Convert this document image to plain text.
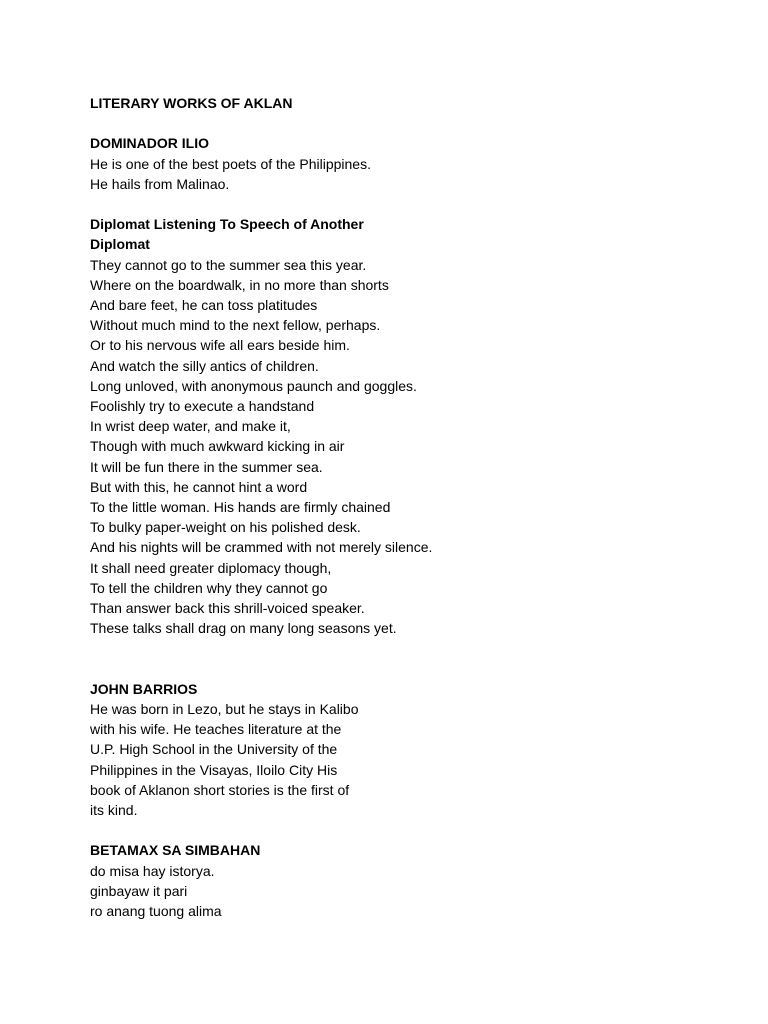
LITERARY WORKS OF AKLAN
DOMINADOR ILIO
He is one of the best poets of the Philippines.
He hails from Malinao.
Diplomat Listening To Speech of Another
Diplomat
They cannot go to the summer sea this year.
Where on the boardwalk, in no more than shorts
And bare feet, he can toss platitudes
Without much mind to the next fellow, perhaps.
Or to his nervous wife all ears beside him.
And watch the silly antics of children.
Long unloved, with anonymous paunch and goggles.
Foolishly try to execute a handstand
In wrist deep water, and make it,
Though with much awkward kicking in air
It will be fun there in the summer sea.
But with this, he cannot hint a word
To the little woman. His hands are firmly chained
To bulky paper-weight on his polished desk.
And his nights will be crammed with not merely silence.
It shall need greater diplomacy though,
To tell the children why they cannot go
Than answer back this shrill-voiced speaker.
These talks shall drag on many long seasons yet.
JOHN BARRIOS
He was born in Lezo, but he stays in Kalibo
with his wife. He teaches literature at the
U.P. High School in the University of the
Philippines in the Visayas, Iloilo City His
book of Aklanon short stories is the first of
its kind.
BETAMAX SA SIMBAHAN
do misa hay istorya.
ginbayaw it pari
ro anang tuong alima
